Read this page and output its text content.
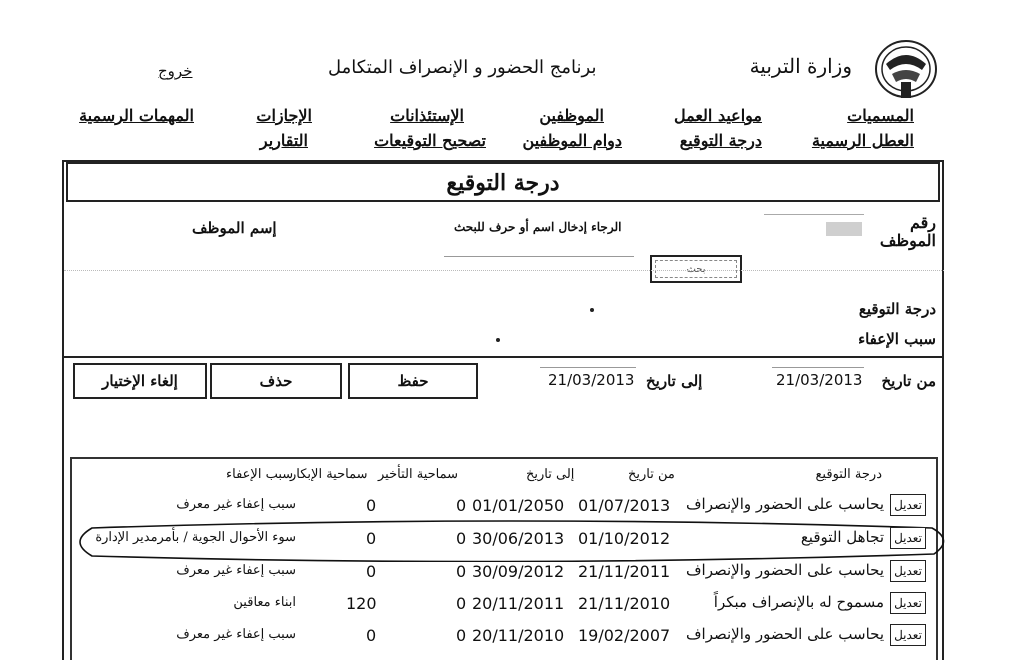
وزارة التربية
برنامج الحضور و الإنصراف المتكامل
خروج
المسميات
مواعيد العمل
الموظفين
الإستئذانات
الإجازات
المهمات الرسمية
العطل الرسمية
درجة التوقيع
دوام الموظفين
تصحيح التوقيعات
التقارير
درجة التوقيع
رقم الموظف
إسم الموظف	الرجاء إدخال اسم أو حرف للبحث
بحث
درجة التوقيع
سبب الإعفاء
من تاريخ
21/03/2013
إلى تاريخ
21/03/2013
حفظ
حذف
إلغاء الإختيار
درجة التوقيع
من تاريخ
إلى تاريخ
سماحية التأخير
سماحية الإبكار
سبب الإعفاء
تعديل
يحاسب على الحضور والإنصراف
01/07/2013
01/01/2050
0
0
سبب إعفاء غير معرف
تعديل
تجاهل التوقيع
01/10/2012
30/06/2013
0
0
سوء الأحوال الجوية / بأمرمدير الإدارة
تعديل
يحاسب على الحضور والإنصراف
21/11/2011
30/09/2012
0
0
سبب إعفاء غير معرف
تعديل
مسموح له بالإنصراف مبكراً
21/11/2010
20/11/2011
0
120
ابناء معاقين
تعديل
يحاسب على الحضور والإنصراف
19/02/2007
20/11/2010
0
0
سبب إعفاء غير معرف
